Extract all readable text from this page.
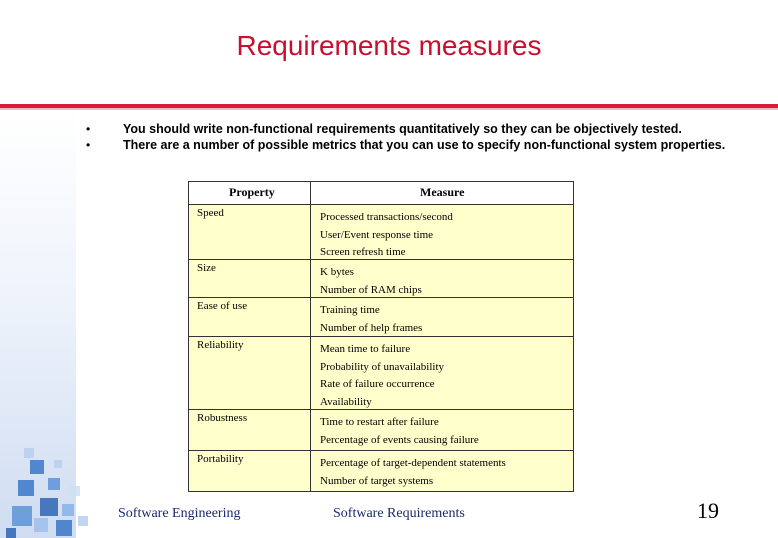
Requirements measures
•	You should write non-functional requirements quantitatively so they can be objectively tested.
•	There are a number of possible metrics that you can use to specify non-functional system properties.
Property	Measure
Speed	Processed transactions/second
User/Event response time
Screen refresh time
Size	K bytes
Number of RAM chips
Ease of use	Training time
Number of help frames
Reliability	Mean time to failure
Probability of unavailability
Rate of failure occurrence
Availability
Robustness	Time to restart after failure
Percentage of events causing failure
Portability	Percentage of target-dependent statements
Number of target systems
Software Engineering	Software Requirements	19
